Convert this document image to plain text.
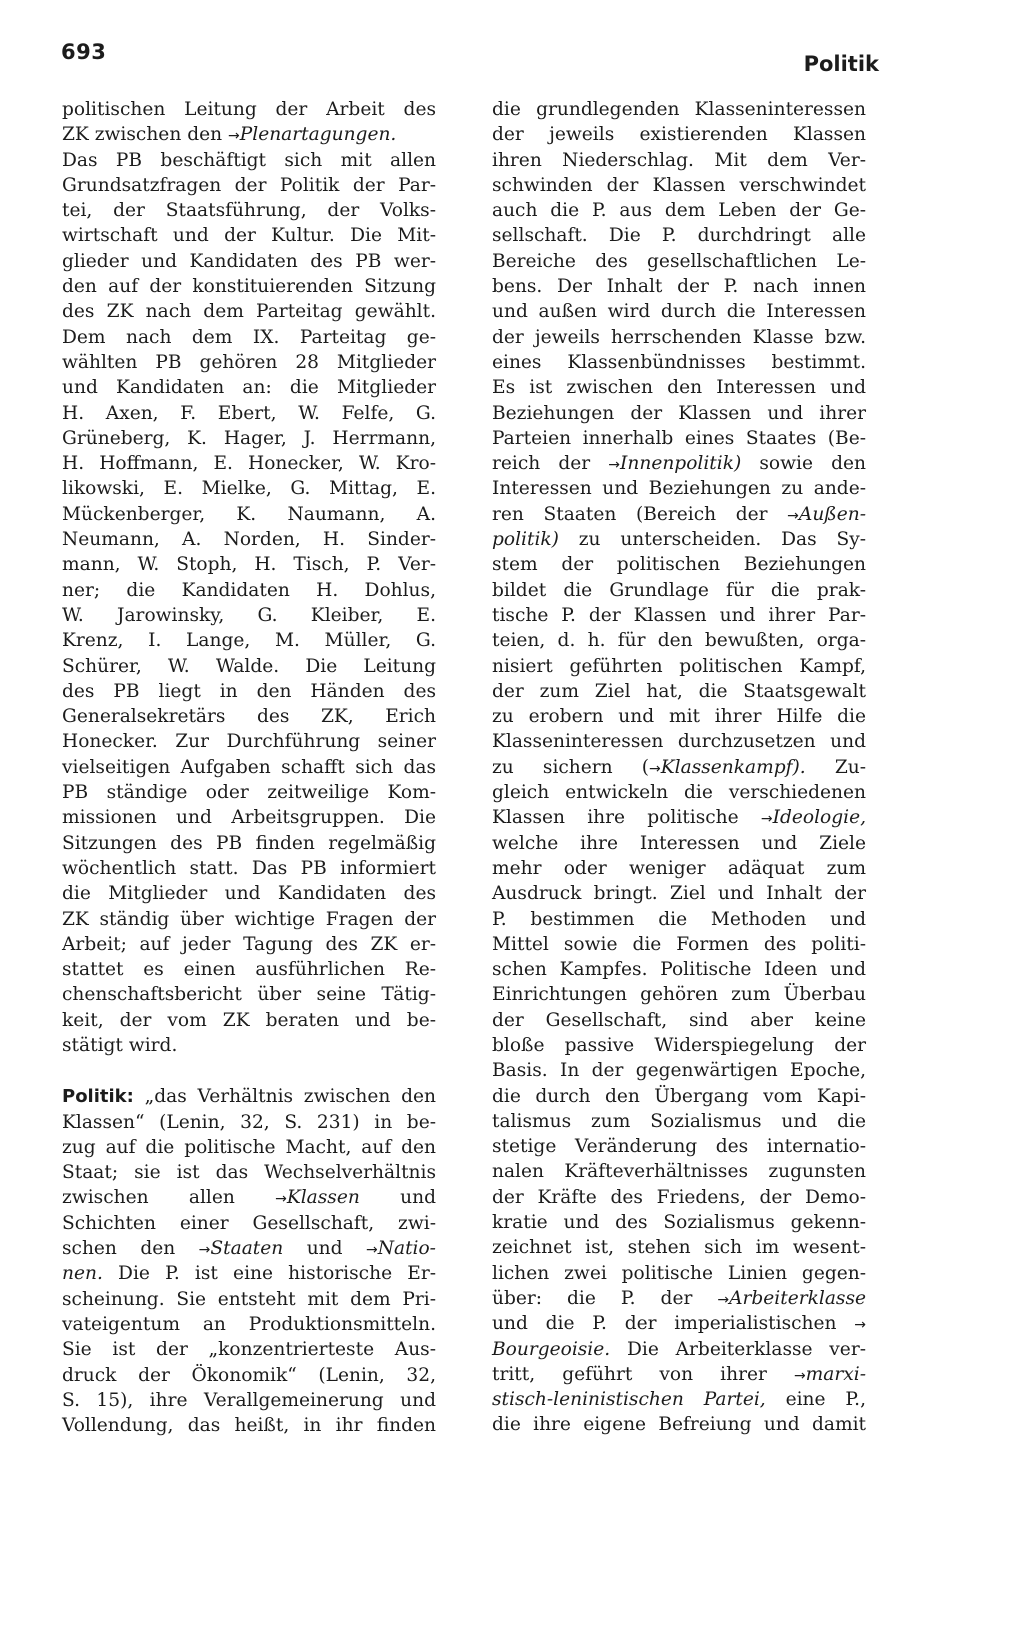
693	Politik
politischen Leitung der Arbeit des
ZK zwischen den →Plenartagungen.
Das PB beschäftigt sich mit allen
Grundsatzfragen der Politik der Par-
tei, der Staatsführung, der Volks-
wirtschaft und der Kultur. Die Mit-
glieder und Kandidaten des PB wer-
den auf der konstituierenden Sitzung
des ZK nach dem Parteitag gewählt.
Dem nach dem IX. Parteitag ge-
wählten PB gehören 28 Mitglieder
und Kandidaten an: die Mitglieder
H. Axen, F. Ebert, W. Felfe, G.
Grüneberg, K. Hager, J. Herrmann,
H. Hoffmann, E. Honecker, W. Kro-
likowski, E. Mielke, G. Mittag, E.
Mückenberger, K. Naumann, A.
Neumann, A. Norden, H. Sinder-
mann, W. Stoph, H. Tisch, P. Ver-
ner; die Kandidaten H. Dohlus,
W. Jarowinsky, G. Kleiber, E.
Krenz, I. Lange, M. Müller, G.
Schürer, W. Walde. Die Leitung
des PB liegt in den Händen des
Generalsekretärs des ZK, Erich
Honecker. Zur Durchführung seiner
vielseitigen Aufgaben schafft sich das
PB ständige oder zeitweilige Kom-
missionen und Arbeitsgruppen. Die
Sitzungen des PB finden regelmäßig
wöchentlich statt. Das PB informiert
die Mitglieder und Kandidaten des
ZK ständig über wichtige Fragen der
Arbeit; auf jeder Tagung des ZK er-
stattet es einen ausführlichen Re-
chenschaftsbericht über seine Tätig-
keit, der vom ZK beraten und be-
stätigt wird.
Politik: „das Verhältnis zwischen den
Klassen“ (Lenin, 32, S. 231) in be-
zug auf die politische Macht, auf den
Staat; sie ist das Wechselverhältnis
zwischen allen →Klassen und
Schichten einer Gesellschaft, zwi-
schen den →Staaten und →Natio-
nen. Die P. ist eine historische Er-
scheinung. Sie entsteht mit dem Pri-
vateigentum an Produktionsmitteln.
Sie ist der „konzentrierteste Aus-
druck der Ökonomik“ (Lenin, 32,
S. 15), ihre Verallgemeinerung und
Vollendung, das heißt, in ihr finden
die grundlegenden Klasseninteressen
der jeweils existierenden Klassen
ihren Niederschlag. Mit dem Ver-
schwinden der Klassen verschwindet
auch die P. aus dem Leben der Ge-
sellschaft. Die P. durchdringt alle
Bereiche des gesellschaftlichen Le-
bens. Der Inhalt der P. nach innen
und außen wird durch die Interessen
der jeweils herrschenden Klasse bzw.
eines Klassenbündnisses bestimmt.
Es ist zwischen den Interessen und
Beziehungen der Klassen und ihrer
Parteien innerhalb eines Staates (Be-
reich der →Innenpolitik) sowie den
Interessen und Beziehungen zu ande-
ren Staaten (Bereich der →Außen-
politik) zu unterscheiden. Das Sy-
stem der politischen Beziehungen
bildet die Grundlage für die prak-
tische P. der Klassen und ihrer Par-
teien, d. h. für den bewußten, orga-
nisiert geführten politischen Kampf,
der zum Ziel hat, die Staatsgewalt
zu erobern und mit ihrer Hilfe die
Klasseninteressen durchzusetzen und
zu sichern (→Klassenkampf). Zu-
gleich entwickeln die verschiedenen
Klassen ihre politische →Ideologie,
welche ihre Interessen und Ziele
mehr oder weniger adäquat zum
Ausdruck bringt. Ziel und Inhalt der
P. bestimmen die Methoden und
Mittel sowie die Formen des politi-
schen Kampfes. Politische Ideen und
Einrichtungen gehören zum Überbau
der Gesellschaft, sind aber keine
bloße passive Widerspiegelung der
Basis. In der gegenwärtigen Epoche,
die durch den Übergang vom Kapi-
talismus zum Sozialismus und die
stetige Veränderung des internatio-
nalen Kräfteverhältnisses zugunsten
der Kräfte des Friedens, der Demo-
kratie und des Sozialismus gekenn-
zeichnet ist, stehen sich im wesent-
lichen zwei politische Linien gegen-
über: die P. der →Arbeiterklasse
und die P. der imperialistischen →
Bourgeoisie. Die Arbeiterklasse ver-
tritt, geführt von ihrer →marxi-
stisch-leninistischen Partei, eine P.,
die ihre eigene Befreiung und damit
